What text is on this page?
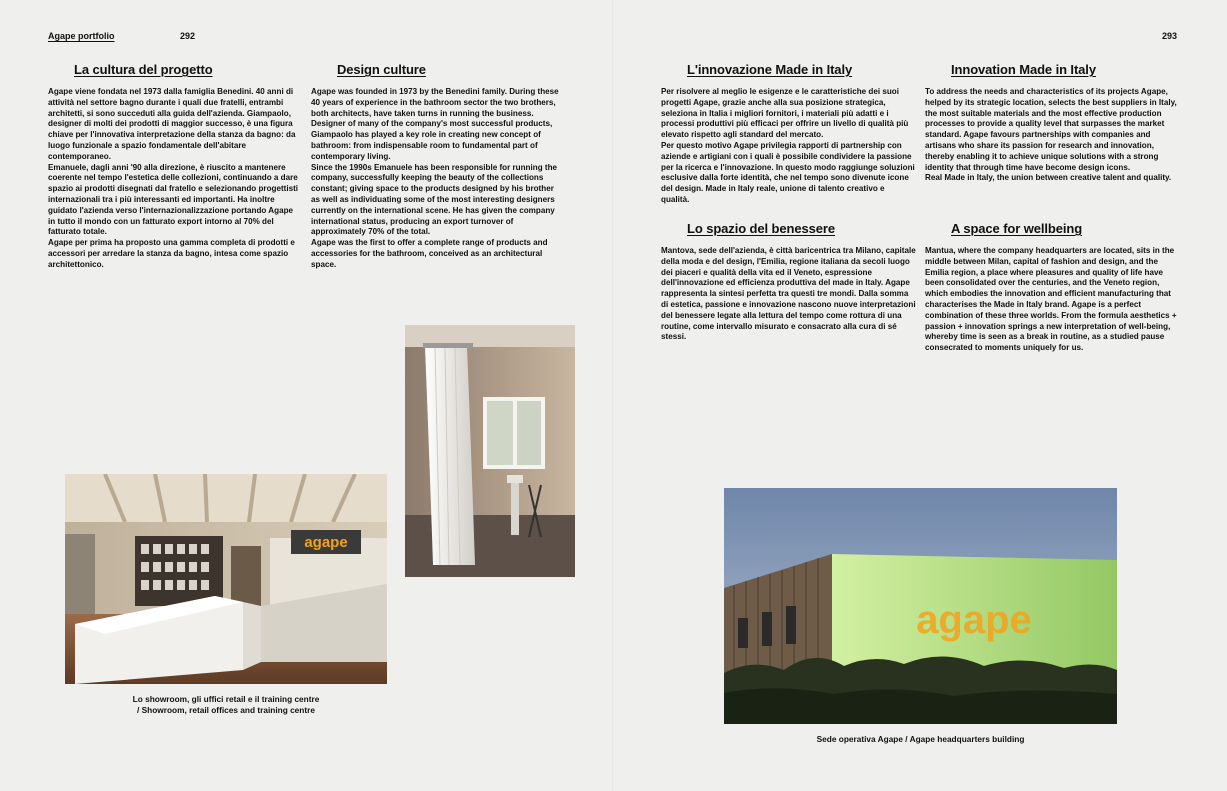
Agape portfolio	292	293
La cultura del progetto

Agape viene fondata nel 1973 dalla famiglia Benedini. 40 anni di attività nel settore bagno durante i quali due fratelli, entrambi architetti, si sono succeduti alla guida dell'azienda. Giampaolo, designer di molti dei prodotti di maggior successo, è una figura chiave per l'innovativa interpretazione della stanza da bagno: da luogo funzionale a spazio fondamentale dell'abitare contemporaneo.

Emanuele, dagli anni '90 alla direzione, è riuscito a mantenere coerente nel tempo l'estetica delle collezioni, continuando a dare spazio ai prodotti disegnati dal fratello e selezionando progettisti internazionali tra i più interessanti ed importanti. Ha inoltre guidato l'azienda verso l'internazionalizzazione portando Agape in tutto il mondo con un fatturato export intorno al 70% del fatturato totale.

Agape per prima ha proposto una gamma completa di prodotti e accessori per arredare la stanza da bagno, intesa come spazio architettonico.

Design culture

Agape was founded in 1973 by the Benedini family. During these 40 years of experience in the bathroom sector the two brothers, both architects, have taken turns in running the business. Designer of many of the company's most successful products, Giampaolo has played a key role in creating new concept of bathroom: from indispensable room to fundamental part of contemporary living.

Since the 1990s Emanuele has been responsible for running the company, successfully keeping the beauty of the collections constant; giving space to the products designed by his brother as well as individuating some of the most interesting designers currently on the international scene. He has given the company international status, producing an export turnover of approximately 70% of the total.

Agape was the first to offer a complete range of products and accessories for the bathroom, conceived as an architectural space.

L'innovazione Made in Italy

Per risolvere al meglio le esigenze e le caratteristiche dei suoi progetti Agape, grazie anche alla sua posizione strategica, seleziona in Italia i migliori fornitori, i materiali più adatti e i processi produttivi più efficaci per offrire un livello di qualità più elevato rispetto agli standard del mercato.

Per questo motivo Agape privilegia rapporti di partnership con aziende e artigiani con i quali è possibile condividere la passione per la ricerca e l'innovazione. In questo modo raggiunge soluzioni esclusive dalla forte identità, che nel tempo sono divenute icone del design. Made in Italy reale, unione di talento creativo e qualità.

Innovation Made in Italy

To address the needs and characteristics of its projects Agape, helped by its strategic location, selects the best suppliers in Italy, the most suitable materials and the most effective production processes to provide a quality level that surpasses the market standard. Agape favours partnerships with companies and artisans who share its passion for research and innovation, thereby enabling it to achieve unique solutions with a strong identity that through time have become design icons.

Real Made in Italy, the union between creative talent and quality.

Lo spazio del benessere

Mantova, sede dell'azienda, è città baricentrica tra Milano, capitale della moda e del design, l'Emilia, regione italiana da secoli luogo dei piaceri e qualità della vita ed il Veneto, espressione dell'innovazione ed efficienza produttiva del made in Italy. Agape rappresenta la sintesi perfetta tra questi tre mondi. Dalla somma di estetica, passione e innovazione nascono nuove interpretazioni del benessere legate alla lettura del tempo come rottura di una routine, come intervallo misurato e consacrato alla cura di sé stessi.

A space for wellbeing

Mantua, where the company headquarters are located, sits in the middle between Milan, capital of fashion and design, and the Emilia region, a place where pleasures and quality of life have been consolidated over the centuries, and the Veneto region, which embodies the innovation and efficient manufacturing that characterises the Made in Italy brand. Agape is a perfect combination of these three worlds. From the formula aesthetics + passion + innovation springs a new interpretation of well-being, whereby time is seen as a break in routine, as a studied pause consecrated to moments uniquely for us.

agape
Lo showroom, gli uffici retail e il training centre
/ Showroom, retail offices and training centre
agape
Sede operativa Agape / Agape headquarters building
